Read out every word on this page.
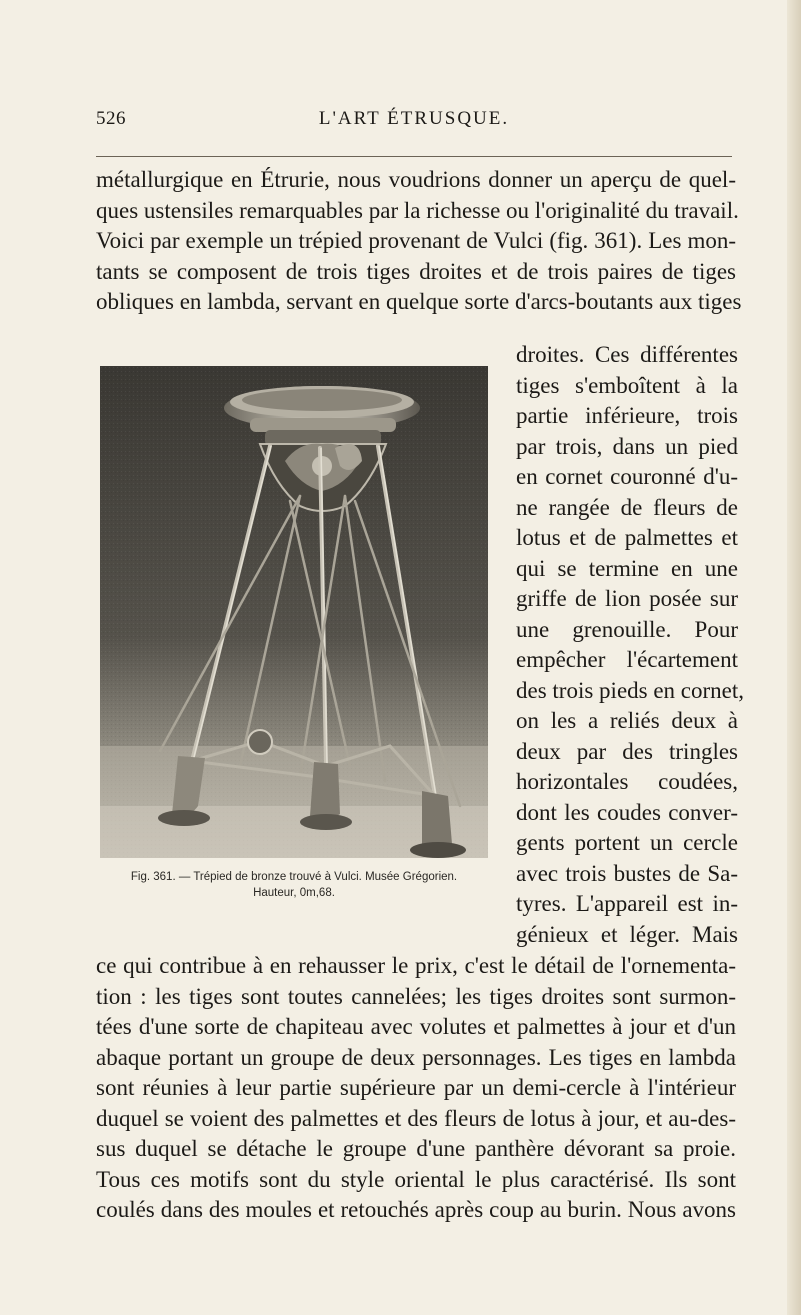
526	L'ART ÉTRUSQUE.
métallurgique en Étrurie, nous voudrions donner un aperçu de quel-
ques ustensiles remarquables par la richesse ou l'originalité du travail.
Voici par exemple un trépied provenant de Vulci (fig. 361). Les mon-
tants se composent de trois tiges droites et de trois paires de tiges
obliques en lambda, servant en quelque sorte d'arcs-boutants aux tiges
Fig. 361. — Trépied de bronze trouvé à Vulci. Musée Grégorien.
Hauteur, 0m,68.
droites. Ces différentes
tiges s'emboîtent à la
partie inférieure, trois
par trois, dans un pied
en cornet couronné d'u-
ne rangée de fleurs de
lotus et de palmettes et
qui se termine en une
griffe de lion posée sur
une grenouille. Pour
empêcher l'écartement
des trois pieds en cornet,
on les a reliés deux à
deux par des tringles
horizontales coudées,
dont les coudes conver-
gents portent un cercle
avec trois bustes de Sa-
tyres. L'appareil est in-
génieux et léger. Mais
ce qui contribue à en rehausser le prix, c'est le détail de l'ornementa-
tion : les tiges sont toutes cannelées; les tiges droites sont surmon-
tées d'une sorte de chapiteau avec volutes et palmettes à jour et d'un
abaque portant un groupe de deux personnages. Les tiges en lambda
sont réunies à leur partie supérieure par un demi-cercle à l'intérieur
duquel se voient des palmettes et des fleurs de lotus à jour, et au-des-
sus duquel se détache le groupe d'une panthère dévorant sa proie.
Tous ces motifs sont du style oriental le plus caractérisé. Ils sont
coulés dans des moules et retouchés après coup au burin. Nous avons
